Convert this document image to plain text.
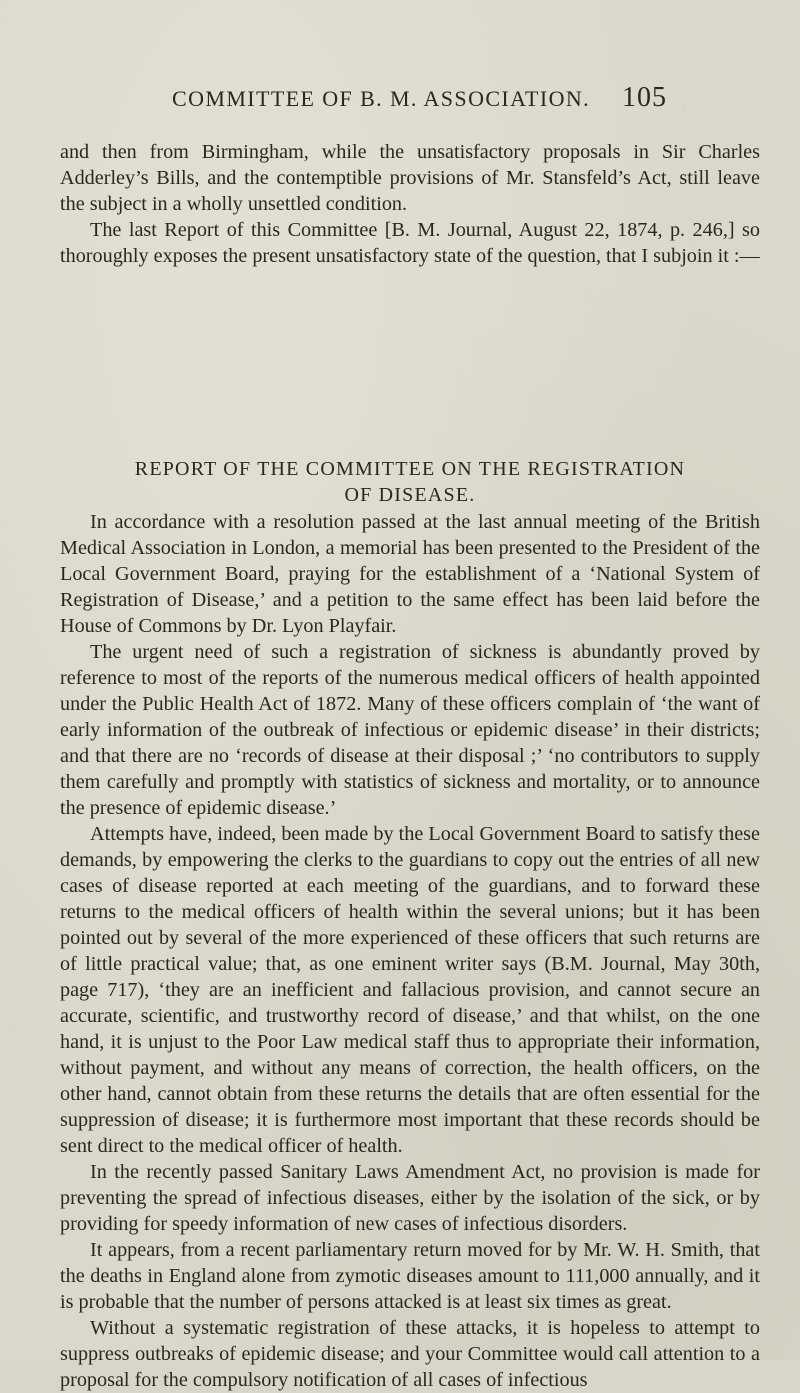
COMMITTEE OF B. M. ASSOCIATION. 105

and then from Birmingham, while the unsatisfactory proposals in Sir Charles Adderley’s Bills, and the contemptible provisions of Mr. Stansfeld’s Act, still leave the subject in a wholly unsettled condition.

The last Report of this Committee [B. M. Journal, August 22, 1874, p. 246,] so thoroughly exposes the present unsatisfactory state of the question, that I subjoin it :—

REPORT OF THE COMMITTEE ON THE REGISTRATION
OF DISEASE.

In accordance with a resolution passed at the last annual meeting of the British Medical Association in London, a memorial has been presented to the President of the Local Government Board, praying for the establishment of a ‘National System of Registration of Disease,’ and a petition to the same effect has been laid before the House of Commons by Dr. Lyon Playfair.

The urgent need of such a registration of sickness is abundantly proved by reference to most of the reports of the numerous medical officers of health appointed under the Public Health Act of 1872. Many of these officers complain of ‘the want of early information of the outbreak of infectious or epidemic disease’ in their districts; and that there are no ‘records of disease at their disposal ;’ ‘no contributors to supply them carefully and promptly with statistics of sickness and mortality, or to announce the presence of epidemic disease.’

Attempts have, indeed, been made by the Local Government Board to satisfy these demands, by empowering the clerks to the guardians to copy out the entries of all new cases of disease reported at each meeting of the guardians, and to forward these returns to the medical officers of health within the several unions; but it has been pointed out by several of the more experienced of these officers that such returns are of little practical value; that, as one eminent writer says (B.M. Journal, May 30th, page 717), ‘they are an inefficient and fallacious provision, and cannot secure an accurate, scientific, and trustworthy record of disease,’ and that whilst, on the one hand, it is unjust to the Poor Law medical staff thus to appropriate their information, without payment, and without any means of correction, the health officers, on the other hand, cannot obtain from these returns the details that are often essential for the suppression of disease; it is furthermore most important that these records should be sent direct to the medical officer of health.

In the recently passed Sanitary Laws Amendment Act, no provision is made for preventing the spread of infectious diseases, either by the isolation of the sick, or by providing for speedy information of new cases of infectious disorders.

It appears, from a recent parliamentary return moved for by Mr. W. H. Smith, that the deaths in England alone from zymotic diseases amount to 111,000 annually, and it is probable that the number of persons attacked is at least six times as great.

Without a systematic registration of these attacks, it is hopeless to attempt to suppress outbreaks of epidemic disease; and your Committee would call attention to a proposal for the compulsory notification of all cases of infectious
